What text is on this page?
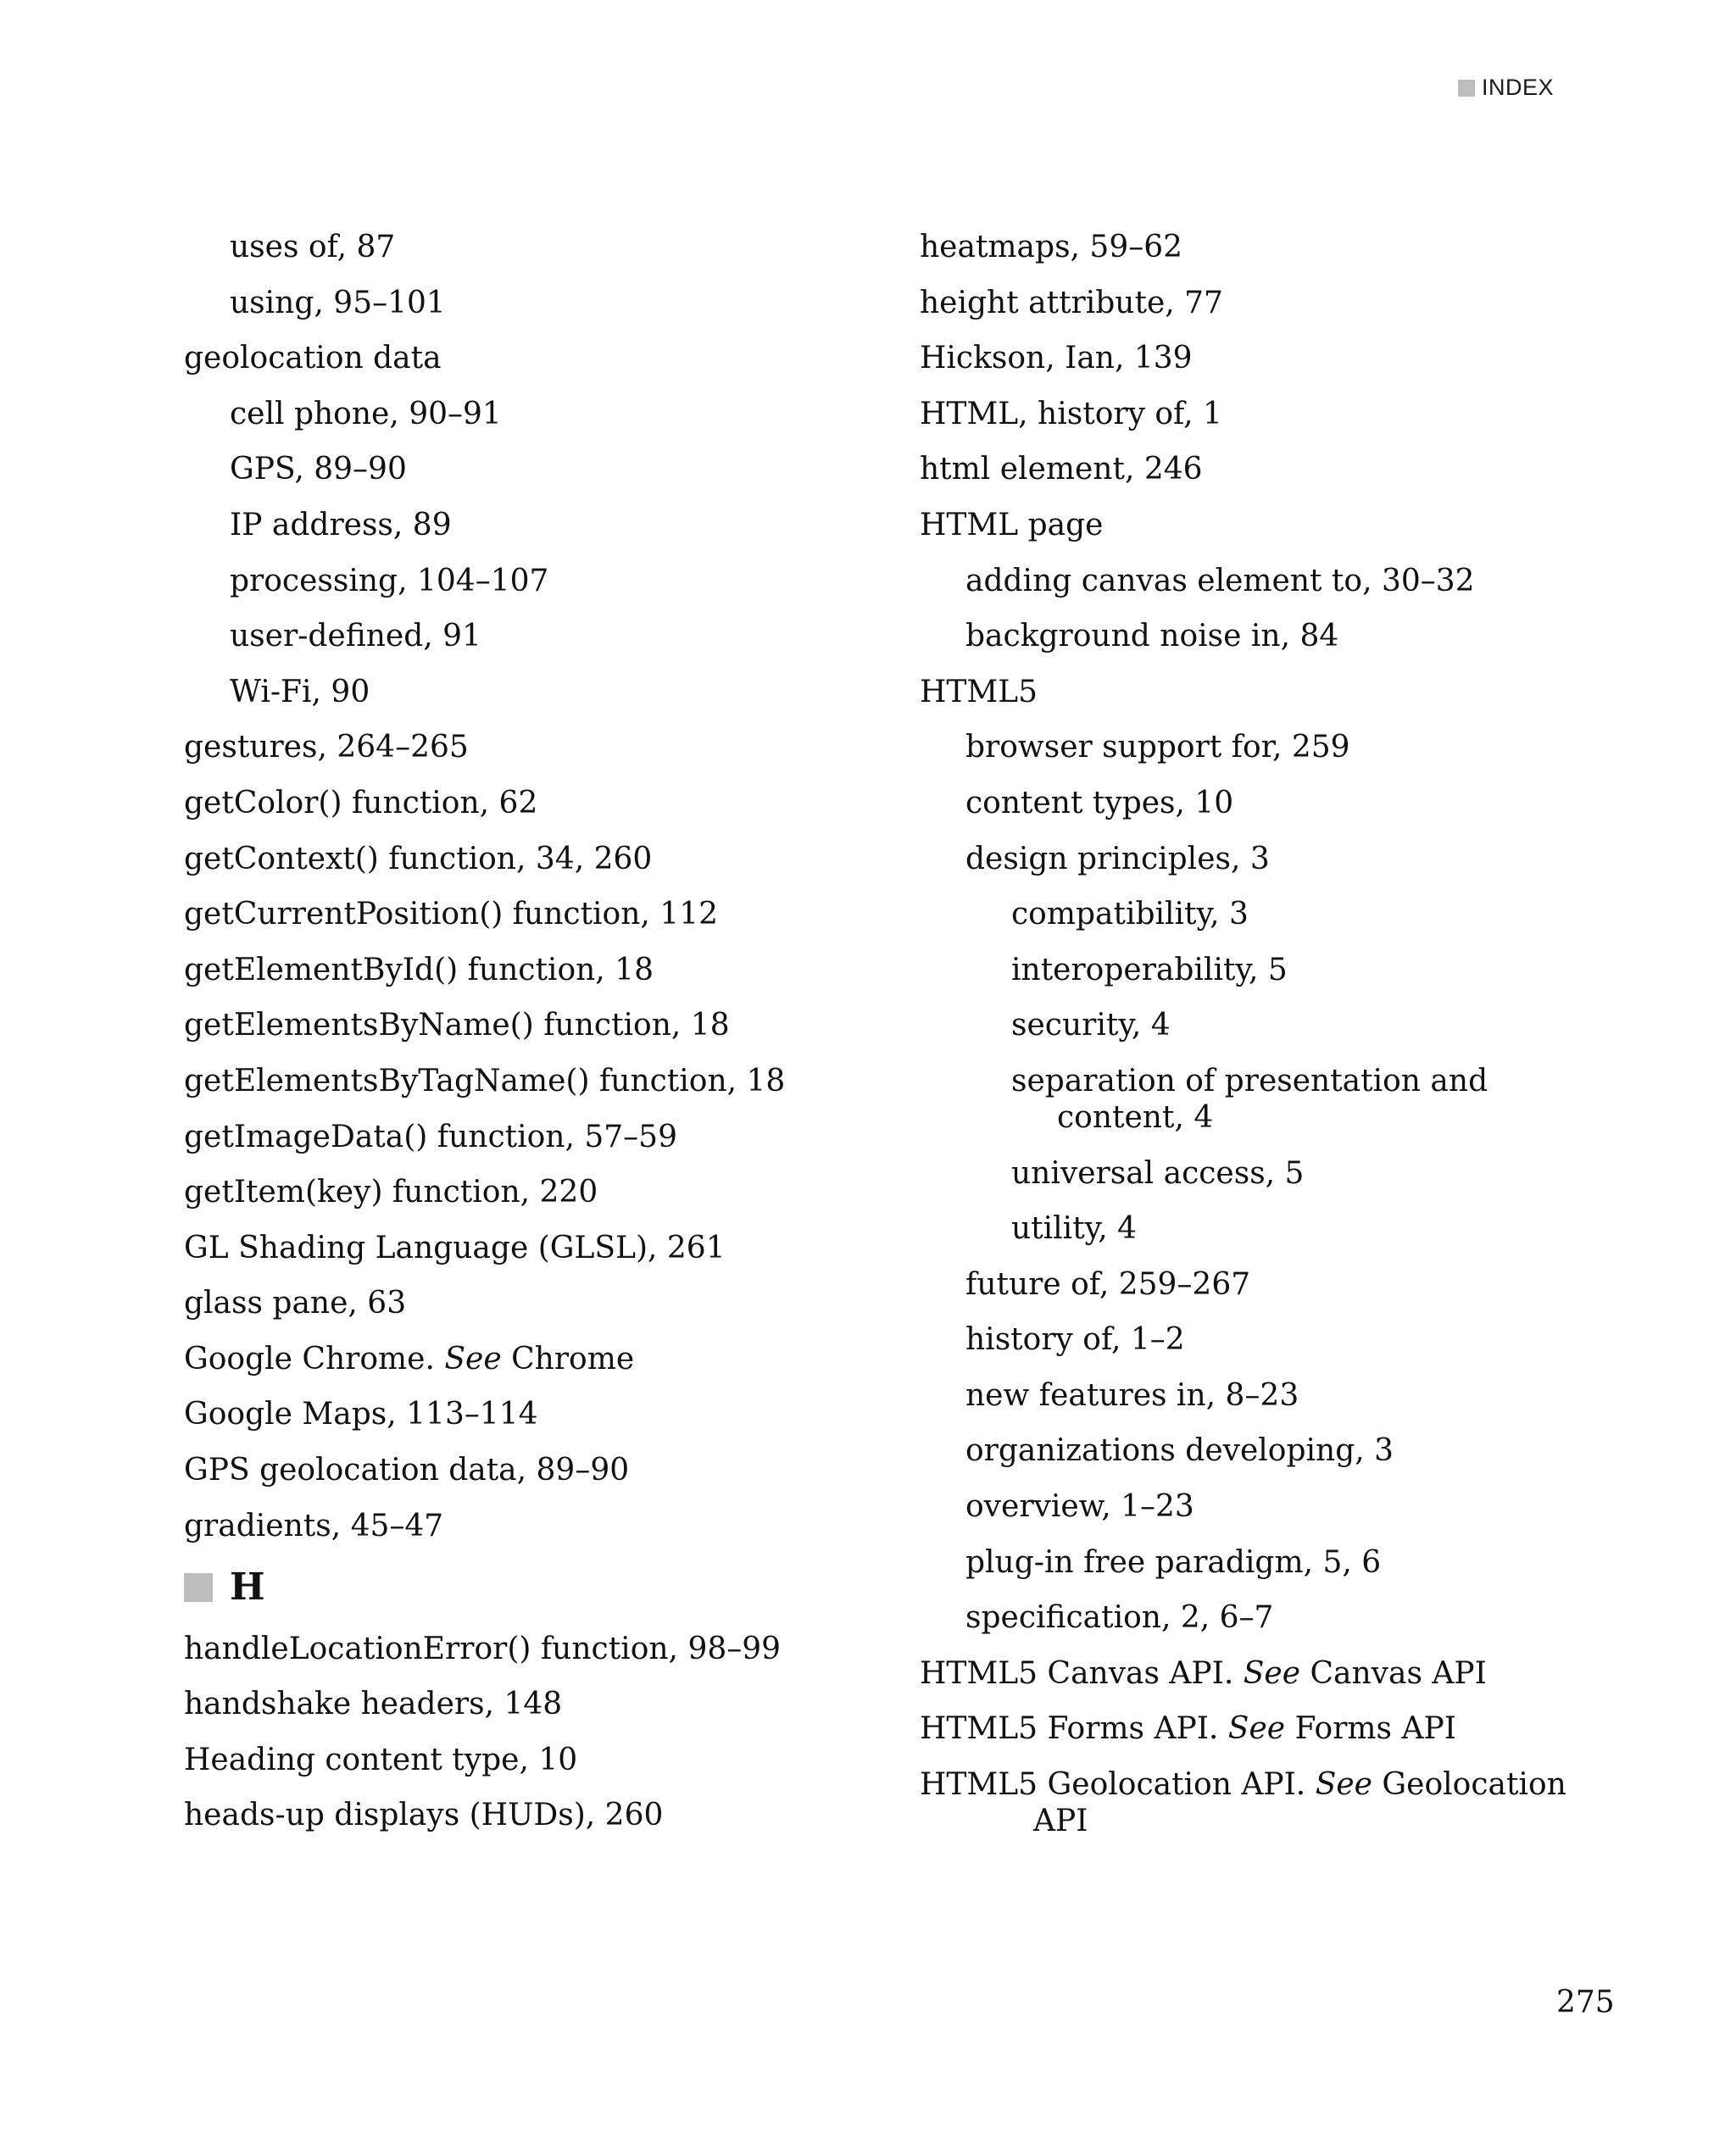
INDEX
uses of, 87
using, 95–101
geolocation data
cell phone, 90–91
GPS, 89–90
IP address, 89
processing, 104–107
user-defined, 91
Wi-Fi, 90
gestures, 264–265
getColor() function, 62
getContext() function, 34, 260
getCurrentPosition() function, 112
getElementById() function, 18
getElementsByName() function, 18
getElementsByTagName() function, 18
getImageData() function, 57–59
getItem(key) function, 220
GL Shading Language (GLSL), 261
glass pane, 63
Google Chrome. See Chrome
Google Maps, 113–114
GPS geolocation data, 89–90
gradients, 45–47
H
handleLocationError() function, 98–99
handshake headers, 148
Heading content type, 10
heads-up displays (HUDs), 260
heatmaps, 59–62
height attribute, 77
Hickson, Ian, 139
HTML, history of, 1
html element, 246
HTML page
adding canvas element to, 30–32
background noise in, 84
HTML5
browser support for, 259
content types, 10
design principles, 3
compatibility, 3
interoperability, 5
security, 4
separation of presentation and content, 4
universal access, 5
utility, 4
future of, 259–267
history of, 1–2
new features in, 8–23
organizations developing, 3
overview, 1–23
plug-in free paradigm, 5, 6
specification, 2, 6–7
HTML5 Canvas API. See Canvas API
HTML5 Forms API. See Forms API
HTML5 Geolocation API. See Geolocation API
275
